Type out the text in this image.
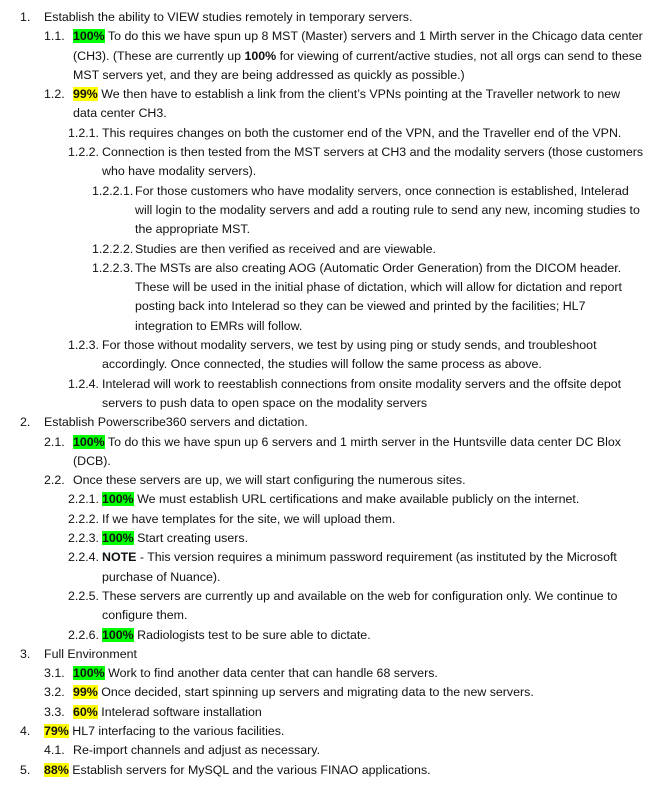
1. Establish the ability to VIEW studies remotely in temporary servers.
1.1. 100% To do this we have spun up 8 MST (Master) servers and 1 Mirth server in the Chicago data center (CH3). (These are currently up 100% for viewing of current/active studies, not all orgs can send to these MST servers yet, and they are being addressed as quickly as possible.)
1.2. 99% We then have to establish a link from the client’s VPNs pointing at the Traveller network to new data center CH3.
1.2.1. This requires changes on both the customer end of the VPN, and the Traveller end of the VPN.
1.2.2. Connection is then tested from the MST servers at CH3 and the modality servers (those customers who have modality servers).
1.2.2.1. For those customers who have modality servers, once connection is established, Intelerad will login to the modality servers and add a routing rule to send any new, incoming studies to the appropriate MST.
1.2.2.2. Studies are then verified as received and are viewable.
1.2.2.3. The MSTs are also creating AOG (Automatic Order Generation) from the DICOM header. These will be used in the initial phase of dictation, which will allow for dictation and report posting back into Intelerad so they can be viewed and printed by the facilities; HL7 integration to EMRs will follow.
1.2.3. For those without modality servers, we test by using ping or study sends, and troubleshoot accordingly. Once connected, the studies will follow the same process as above.
1.2.4. Intelerad will work to reestablish connections from onsite modality servers and the offsite depot servers to push data to open space on the modality servers
2. Establish Powerscribe360 servers and dictation.
2.1. 100% To do this we have spun up 6 servers and 1 mirth server in the Huntsville data center DC Blox (DCB).
2.2. Once these servers are up, we will start configuring the numerous sites.
2.2.1. 100% We must establish URL certifications and make available publicly on the internet.
2.2.2. If we have templates for the site, we will upload them.
2.2.3. 100% Start creating users.
2.2.4. NOTE - This version requires a minimum password requirement (as instituted by the Microsoft purchase of Nuance).
2.2.5. These servers are currently up and available on the web for configuration only. We continue to configure them.
2.2.6. 100% Radiologists test to be sure able to dictate.
3. Full Environment
3.1. 100% Work to find another data center that can handle 68 servers.
3.2. 99% Once decided, start spinning up servers and migrating data to the new servers.
3.3. 60% Intelerad software installation
4. 79% HL7 interfacing to the various facilities.
4.1. Re-import channels and adjust as necessary.
5. 88% Establish servers for MySQL and the various FINAO applications.
